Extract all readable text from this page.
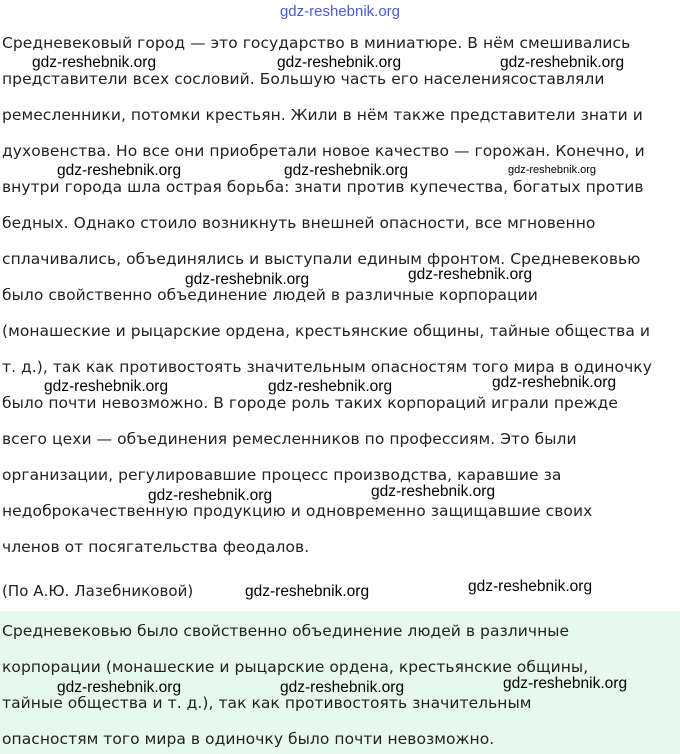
gdz-reshebnik.org
Средневековый город — это государство в миниатюре. В нём смешивались
представители всех сословий. Большую часть его населениясоставляли
ремесленники, потомки крестьян. Жили в нём также представители знати и
духовенства. Но все они приобретали новое качество — горожан. Конечно, и
внутри города шла острая борьба: знати против купечества, богатых против
бедных. Однако стоило возникнуть внешней опасности, все мгновенно
сплачивались, объединялись и выступали единым фронтом. Средневековью
было свойственно объединение людей в различные корпорации
(монашеские и рыцарские ордена, крестьянские общины, тайные общества и
т. д.), так как противостоять значительным опасностям того мира в одиночку
было почти невозможно. В городе роль таких корпораций играли прежде
всего цехи — объединения ремесленников по профессиям. Это были
организации, регулировавшие процесс производства, каравшие за
недоброкачественную продукцию и одновременно защищавшие своих
членов от посягательства феодалов.
(По А.Ю. Лазебниковой)
Средневековью было свойственно объединение людей в различные
корпорации (монашеские и рыцарские ордена, крестьянские общины,
тайные общества и т. д.), так как противостоять значительным
опасностям того мира в одиночку было почти невозможно.
gdz-reshebnik.org	gdz-reshebnik.org	gdz-reshebnik.org
gdz-reshebnik.org	gdz-reshebnik.org	gdz-reshebnik.org
gdz-reshebnik.org
gdz-reshebnik.org
gdz-reshebnik.org
gdz-reshebnik.org	gdz-reshebnik.org
gdz-reshebnik.org
gdz-reshebnik.org
gdz-reshebnik.org
gdz-reshebnik.org
gdz-reshebnik.org
gdz-reshebnik.org	gdz-reshebnik.org
